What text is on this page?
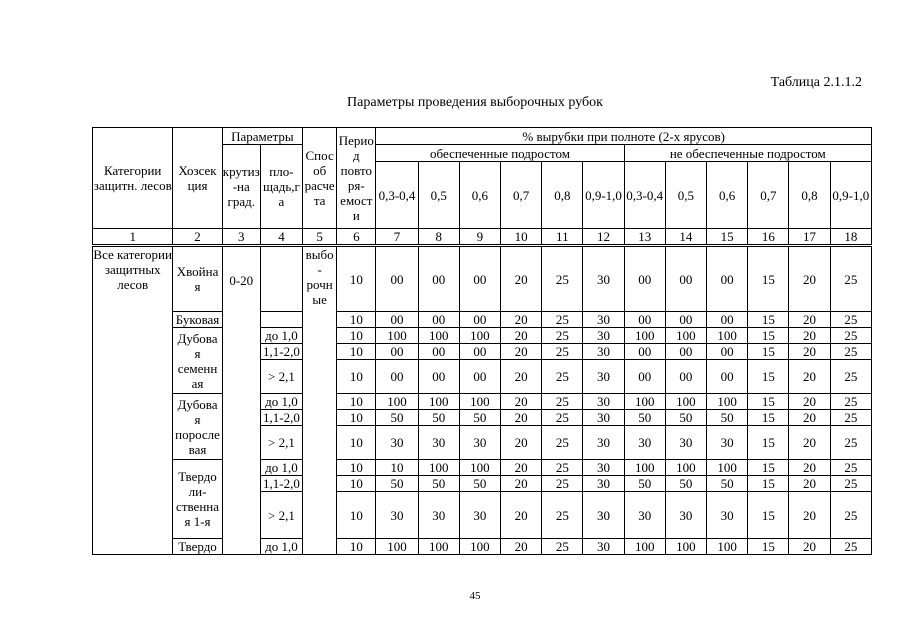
Таблица 2.1.1.2
Параметры проведения выборочных рубок
Категории защитн. лесов	Хозсек ция	Параметры		Спос об расче та	Перио д повто ря- емост и	% вырубки при полноте (2-х ярусов)											
		крутиз -на град.	пло- щадь,г а			обеспеченные подростом						не обеспеченные подростом					
						0,3-0,4	0,5	0,6	0,7	0,8	0,9-1,0	0,3-0,4	0,5	0,6	0,7	0,8	0,9-1,0

1	2	3	4	5	6	7	8	9	10	11	12	13	14	15	16	17	18
Все категории защитных лесов	Хвойна я	0-20		выбо - рочн ые	10	00	00	00	20	25	30	00	00	00	15	20	25
	Буковая				10	00	00	00	20	25	30	00	00	00	15	20	25
	Дубова я семенн ая		до 1,0		10	100	100	100	20	25	30	100	100	100	15	20	25
			1,1-2,0		10	00	00	00	20	25	30	00	00	00	15	20	25
			> 2,1		10	00	00	00	20	25	30	00	00	00	15	20	25
	Дубова я поросле вая		до 1,0		10	100	100	100	20	25	30	100	100	100	15	20	25
			1,1-2,0		10	50	50	50	20	25	30	50	50	50	15	20	25
			> 2,1		10	30	30	30	20	25	30	30	30	30	15	20	25
	Твердо ли- ственна я 1-я		до 1,0		10	10	100	100	20	25	30	100	100	100	15	20	25
			1,1-2,0		10	50	50	50	20	25	30	50	50	50	15	20	25
			> 2,1		10	30	30	30	20	25	30	30	30	30	15	20	25
	Твердо		до 1,0		10	100	100	100	20	25	30	100	100	100	15	20	25
45
